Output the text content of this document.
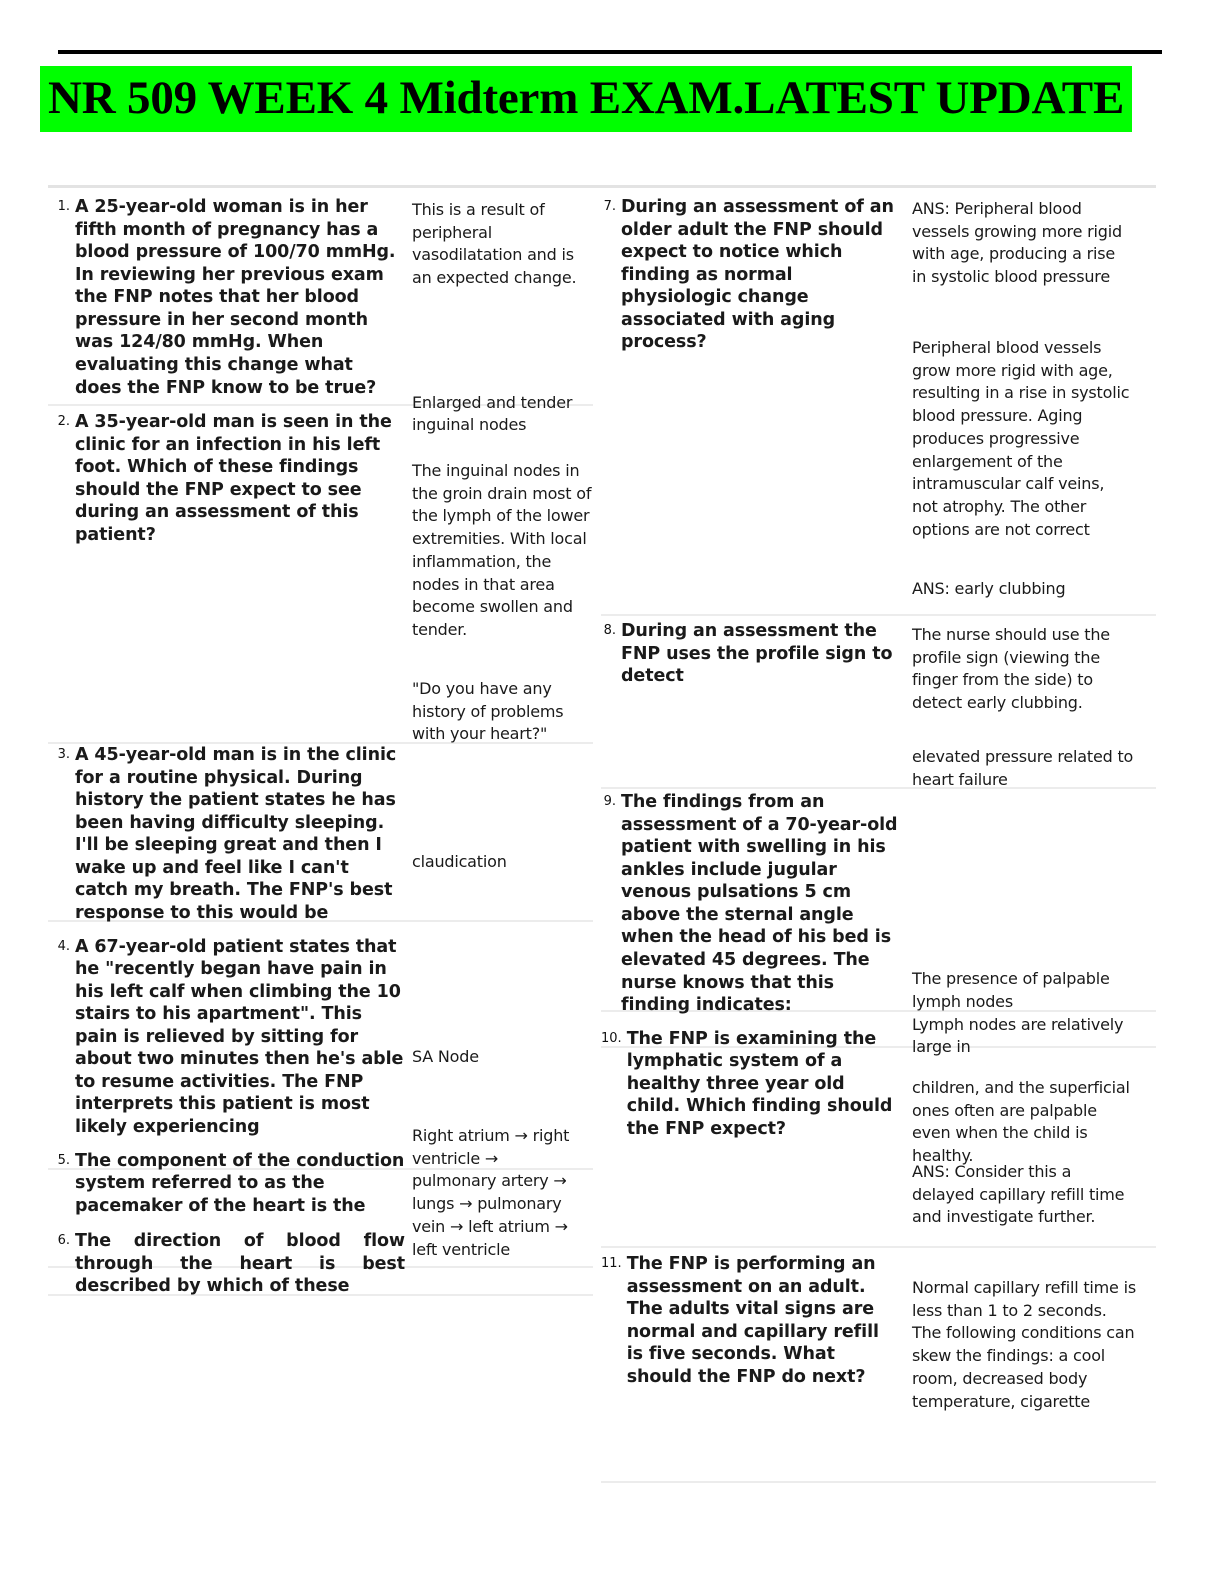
NR 509 WEEK 4 Midterm EXAM.LATEST UPDATE
1. A 25-year-old woman is in her fifth month of pregnancy has a blood pressure of 100/70 mmHg. In reviewing her previous exam the FNP notes that her blood pressure in her second month was 124/80 mmHg. When evaluating this change what does the FNP know to be true?
2. A 35-year-old man is seen in the clinic for an infection in his left foot. Which of these findings should the FNP expect to see during an assessment of this patient?
3. A 45-year-old man is in the clinic for a routine physical. During history the patient states he has been having difficulty sleeping. I'll be sleeping great and then I wake up and feel like I can't catch my breath. The FNP's best response to this would be
4. A 67-year-old patient states that he "recently began have pain in his left calf when climbing the 10 stairs to his apartment". This pain is relieved by sitting for about two minutes then he's able to resume activities. The FNP interprets this patient is most likely experiencing
5. The component of the conduction system referred to as the pacemaker of the heart is the
6. The direction of blood flow through the heart is best described by which of these
This is a result of peripheral vasodilatation and is an expected change.
Enlarged and tender inguinal nodes
The inguinal nodes in the groin drain most of the lymph of the lower extremities. With local inflammation, the nodes in that area become swollen and tender.
"Do you have any history of problems with your heart?"
claudication
SA Node
Right atrium → right ventricle → pulmonary artery → lungs → pulmonary vein → left atrium → left ventricle
7. During an assessment of an older adult the FNP should expect to notice which finding as normal physiologic change associated with aging process?
8. During an assessment the FNP uses the profile sign to detect
9. The findings from an assessment of a 70-year-old patient with swelling in his ankles include jugular venous pulsations 5 cm above the sternal angle when the head of his bed is elevated 45 degrees. The nurse knows that this finding indicates:
10. The FNP is examining the lymphatic system of a healthy three year old child. Which finding should the FNP expect?
11. The FNP is performing an assessment on an adult. The adults vital signs are normal and capillary refill is five seconds. What should the FNP do next?
ANS: Peripheral blood vessels growing more rigid with age, producing a rise in systolic blood pressure
Peripheral blood vessels grow more rigid with age, resulting in a rise in systolic blood pressure. Aging produces progressive enlargement of the intramuscular calf veins, not atrophy. The other options are not correct
ANS: early clubbing
The nurse should use the profile sign (viewing the finger from the side) to detect early clubbing.
elevated pressure related to heart failure
The presence of palpable lymph nodes
Lymph nodes are relatively large in
children, and the superficial ones often are palpable even when the child is healthy.
ANS: Consider this a delayed capillary refill time and investigate further.
Normal capillary refill time is less than 1 to 2 seconds. The following conditions can skew the findings: a cool room, decreased body temperature, cigarette
